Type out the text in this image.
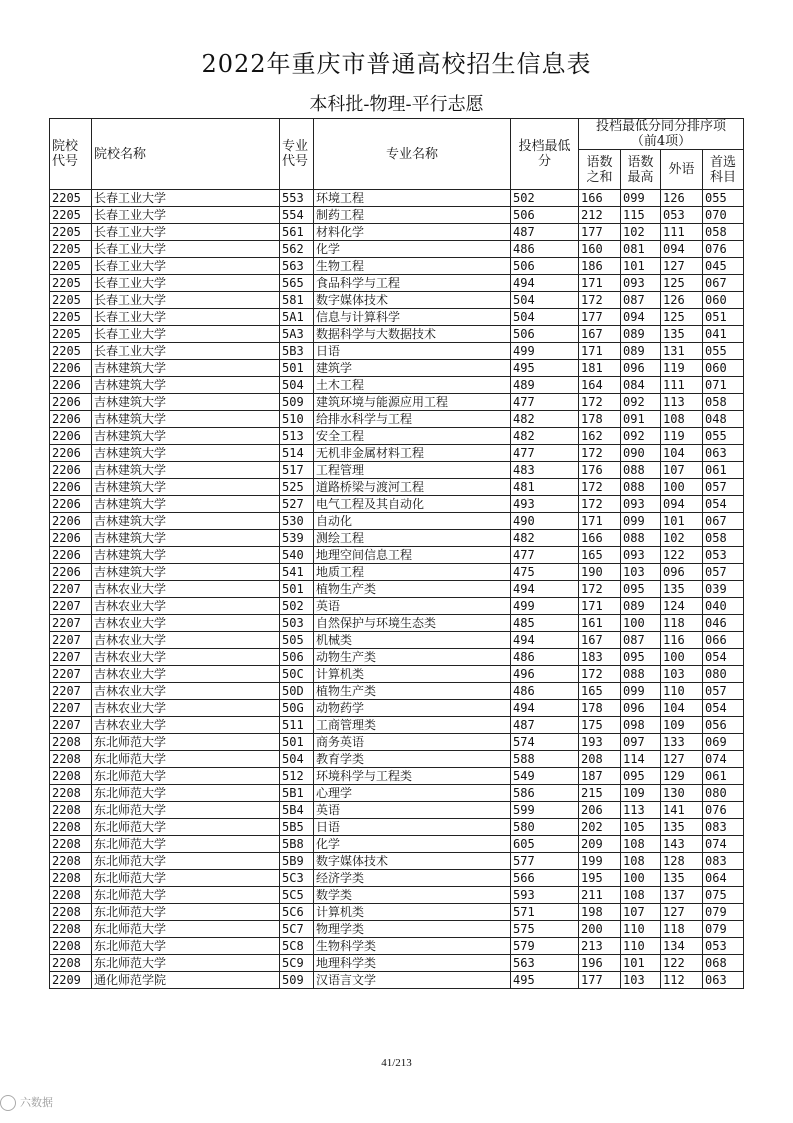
2022年重庆市普通高校招生信息表
本科批-物理-平行志愿
院校代号	院校名称	专业代号	专业名称	投档最低分	投档最低分同分排序项
（前4项）			

					语数之和	语数最高	外语	首选科目
2205	长春工业大学	553	环境工程	502	166	099	126	055
2205	长春工业大学	554	制药工程	506	212	115	053	070
2205	长春工业大学	561	材料化学	487	177	102	111	058
2205	长春工业大学	562	化学	486	160	081	094	076
2205	长春工业大学	563	生物工程	506	186	101	127	045
2205	长春工业大学	565	食品科学与工程	494	171	093	125	067
2205	长春工业大学	581	数字媒体技术	504	172	087	126	060
2205	长春工业大学	5A1	信息与计算科学	504	177	094	125	051
2205	长春工业大学	5A3	数据科学与大数据技术	506	167	089	135	041
2205	长春工业大学	5B3	日语	499	171	089	131	055
2206	吉林建筑大学	501	建筑学	495	181	096	119	060
2206	吉林建筑大学	504	土木工程	489	164	084	111	071
2206	吉林建筑大学	509	建筑环境与能源应用工程	477	172	092	113	058
2206	吉林建筑大学	510	给排水科学与工程	482	178	091	108	048
2206	吉林建筑大学	513	安全工程	482	162	092	119	055
2206	吉林建筑大学	514	无机非金属材料工程	477	172	090	104	063
2206	吉林建筑大学	517	工程管理	483	176	088	107	061
2206	吉林建筑大学	525	道路桥梁与渡河工程	481	172	088	100	057
2206	吉林建筑大学	527	电气工程及其自动化	493	172	093	094	054
2206	吉林建筑大学	530	自动化	490	171	099	101	067
2206	吉林建筑大学	539	测绘工程	482	166	088	102	058
2206	吉林建筑大学	540	地理空间信息工程	477	165	093	122	053
2206	吉林建筑大学	541	地质工程	475	190	103	096	057
2207	吉林农业大学	501	植物生产类	494	172	095	135	039
2207	吉林农业大学	502	英语	499	171	089	124	040
2207	吉林农业大学	503	自然保护与环境生态类	485	161	100	118	046
2207	吉林农业大学	505	机械类	494	167	087	116	066
2207	吉林农业大学	506	动物生产类	486	183	095	100	054
2207	吉林农业大学	50C	计算机类	496	172	088	103	080
2207	吉林农业大学	50D	植物生产类	486	165	099	110	057
2207	吉林农业大学	50G	动物药学	494	178	096	104	054
2207	吉林农业大学	511	工商管理类	487	175	098	109	056
2208	东北师范大学	501	商务英语	574	193	097	133	069
2208	东北师范大学	504	教育学类	588	208	114	127	074
2208	东北师范大学	512	环境科学与工程类	549	187	095	129	061
2208	东北师范大学	5B1	心理学	586	215	109	130	080
2208	东北师范大学	5B4	英语	599	206	113	141	076
2208	东北师范大学	5B5	日语	580	202	105	135	083
2208	东北师范大学	5B8	化学	605	209	108	143	074
2208	东北师范大学	5B9	数字媒体技术	577	199	108	128	083
2208	东北师范大学	5C3	经济学类	566	195	100	135	064
2208	东北师范大学	5C5	数学类	593	211	108	137	075
2208	东北师范大学	5C6	计算机类	571	198	107	127	079
2208	东北师范大学	5C7	物理学类	575	200	110	118	079
2208	东北师范大学	5C8	生物科学类	579	213	110	134	053
2208	东北师范大学	5C9	地理科学类	563	196	101	122	068
2209	通化师范学院	509	汉语言文学	495	177	103	112	063
41/213
六数据
